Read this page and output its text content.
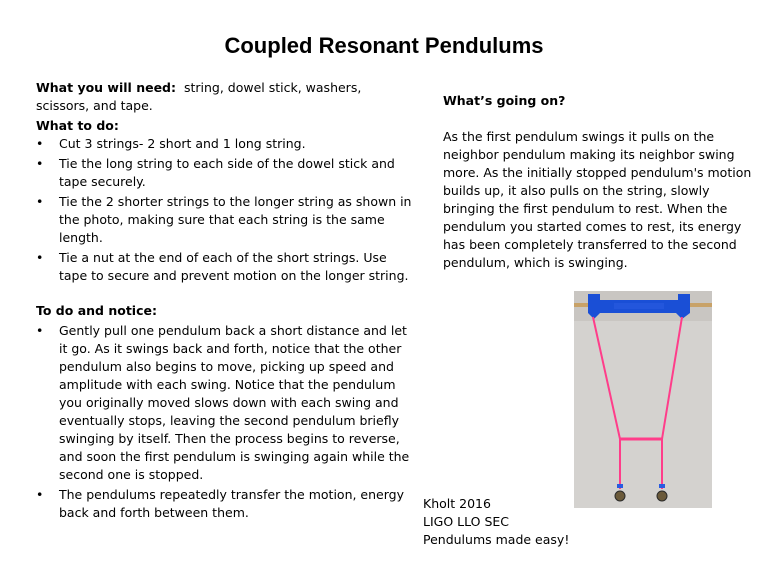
Coupled Resonant Pendulums

What you will need: string, dowel stick, washers, scissors, and tape.

What to do:

• Cut 3 strings- 2 short and 1 long string.
• Tie the long string to each side of the dowel stick and tape securely.
• Tie the 2 shorter strings to the longer string as shown in the photo, making sure that each string is the same length.
• Tie a nut at the end of each of the short strings. Use tape to secure and prevent motion on the longer string.

To do and notice:

• Gently pull one pendulum back a short distance and let it go. As it swings back and forth, notice that the other pendulum also begins to move, picking up speed and amplitude with each swing. Notice that the pendulum you originally moved slows down with each swing and eventually stops, leaving the second pendulum briefly swinging by itself. Then the process begins to reverse, and soon the first pendulum is swinging again while the second one is stopped.
• The pendulums repeatedly transfer the motion, energy back and forth between them.

What’s going on?

As the first pendulum swings it pulls on the neighbor pendulum making its neighbor swing more. As the initially stopped pendulum's motion builds up, it also pulls on the string, slowly bringing the first pendulum to rest. When the pendulum you started comes to rest, its energy has been completely transferred to the second pendulum, which is swinging.

Kholt 2016
LIGO LLO SEC
Pendulums made easy!
